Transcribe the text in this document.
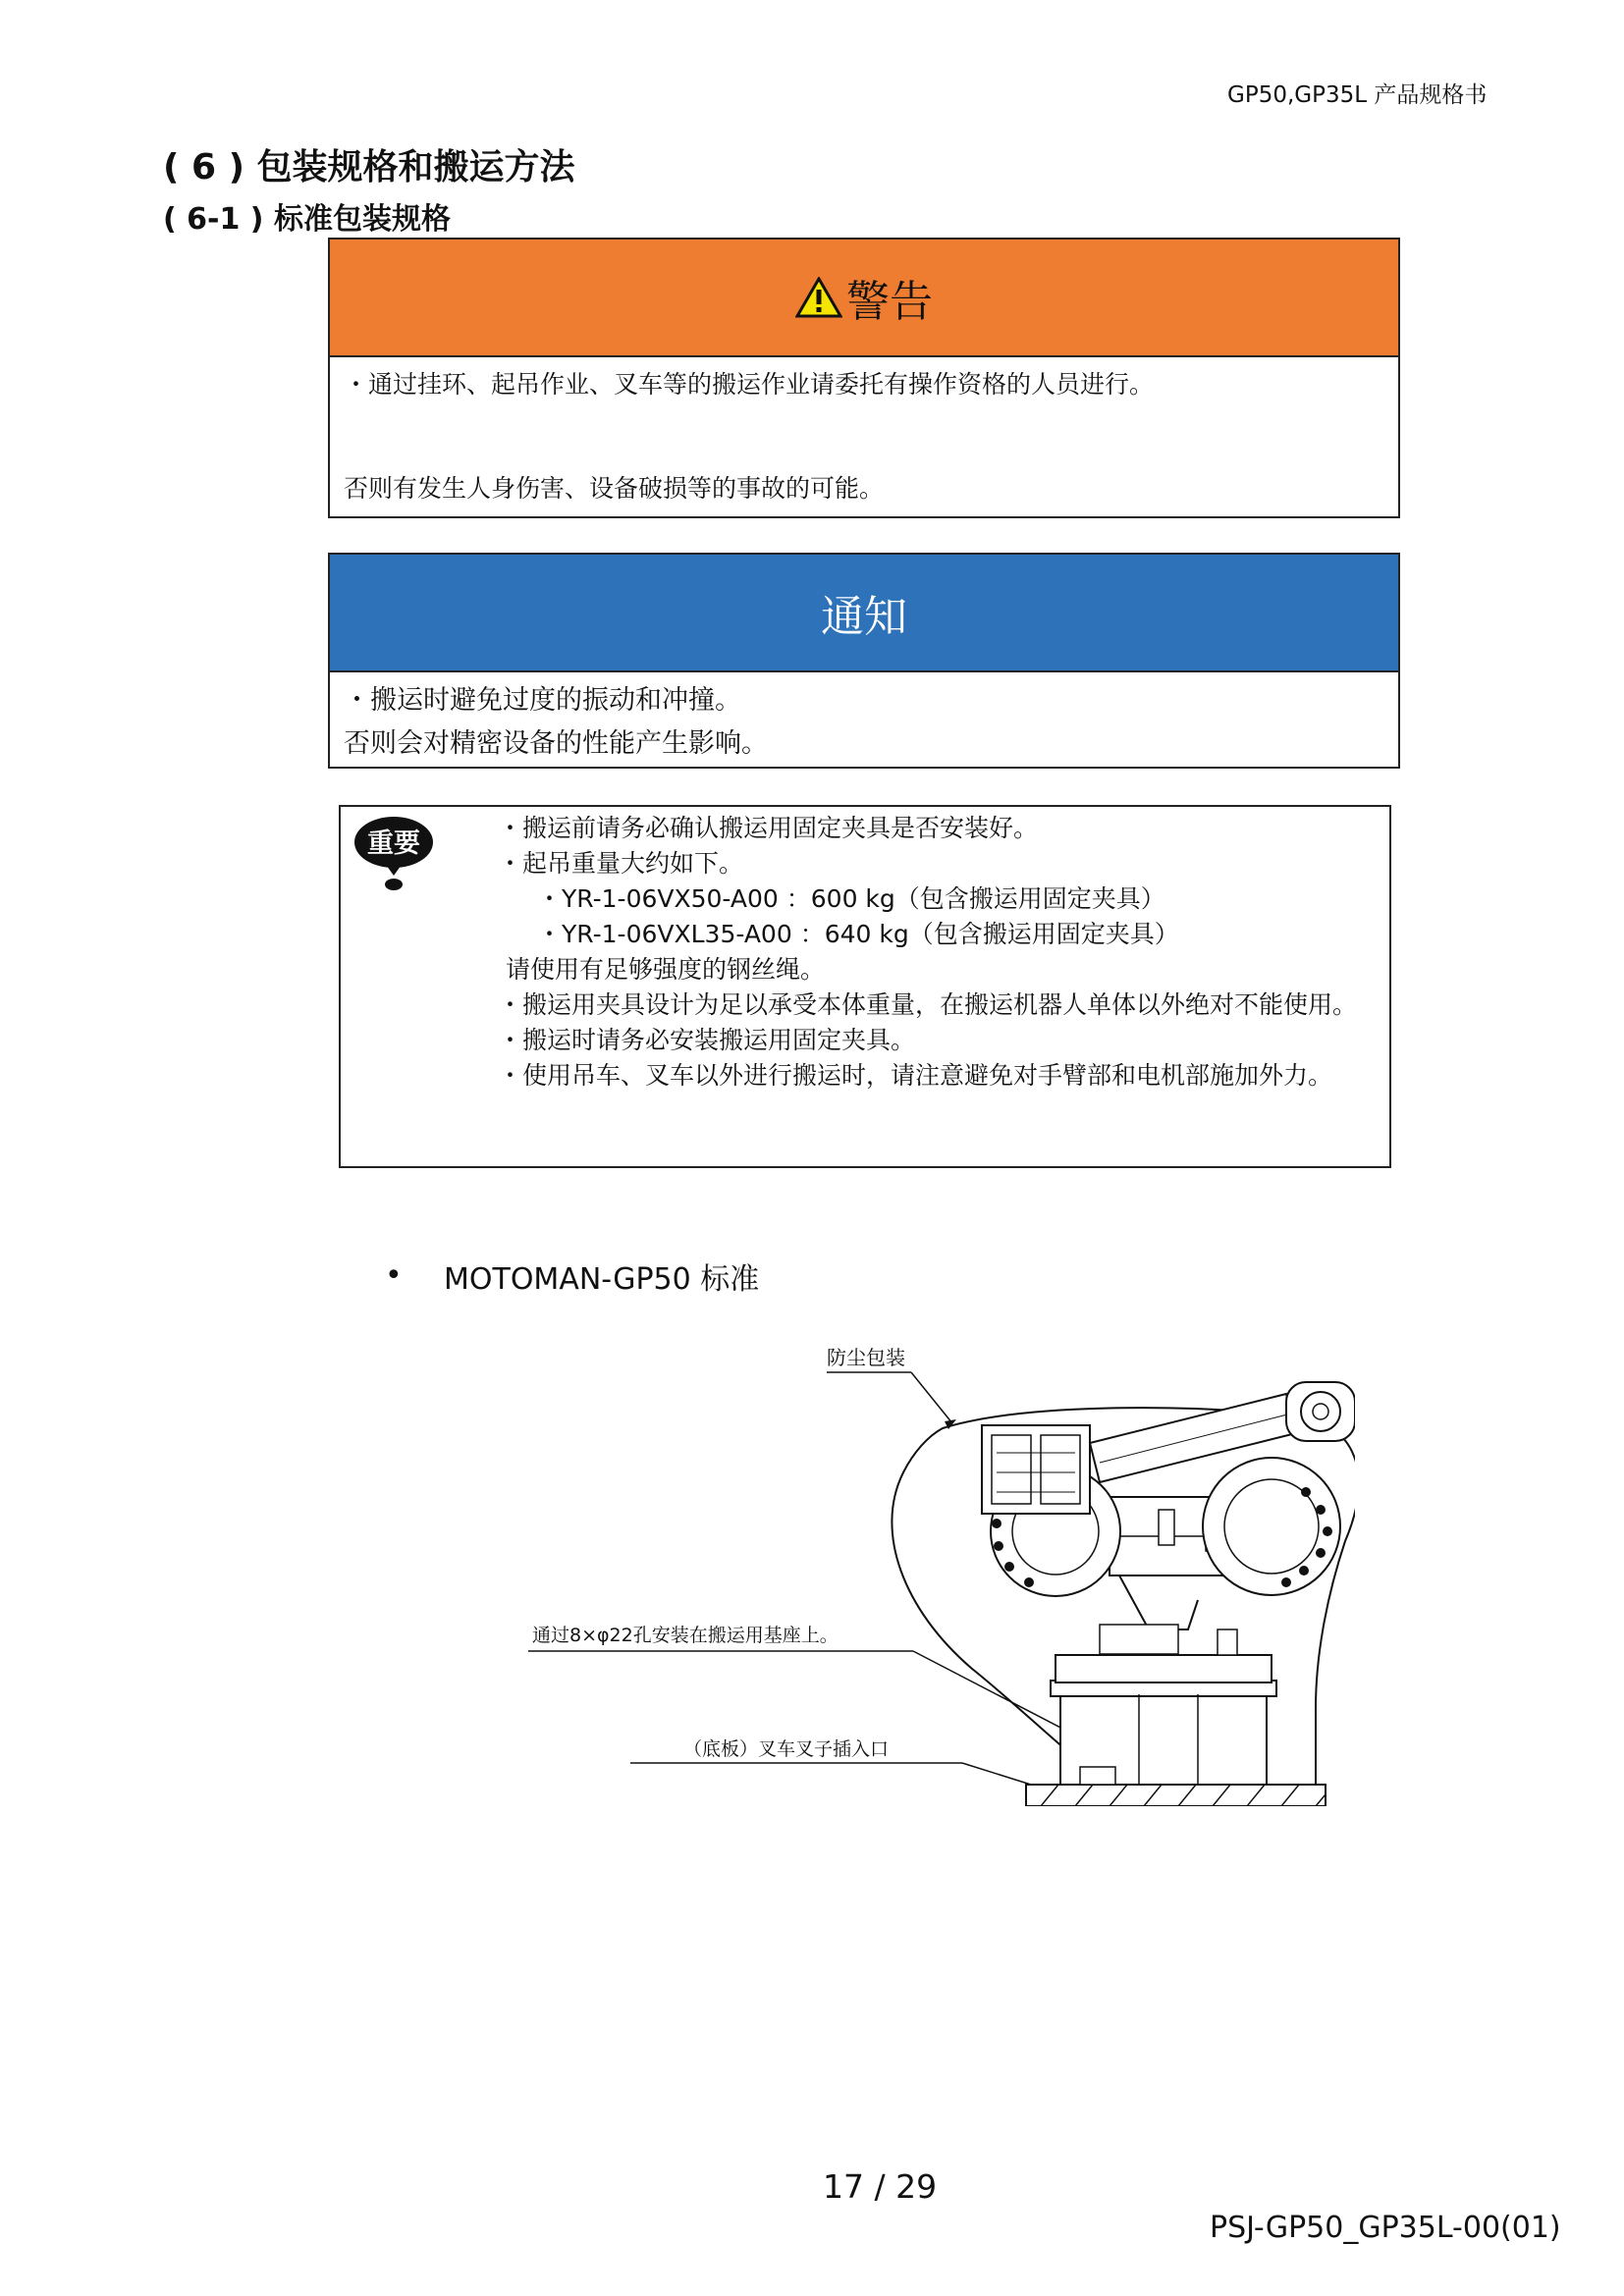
GP50,GP35L 产品规格书
( 6 ) 包装规格和搬运方法
( 6-1 ) 标准包装规格
警告
・通过挂环、起吊作业、叉车等的搬运作业请委托有操作资格的人员进行。
否则有发生人身伤害、设备破损等的事故的可能。
通知
・搬运时避免过度的振动和冲撞。
否则会对精密设备的性能产生影响。
重要
・搬运前请务必确认搬运用固定夹具是否安装好。
・起吊重量大约如下。
・YR-1-06VX50-A00 ：600 kg（包含搬运用固定夹具）
・YR-1-06VXL35-A00 ：640 kg（包含搬运用固定夹具）
请使用有足够强度的钢丝绳。
・搬运用夹具设计为足以承受本体重量，在搬运机器人单体以外绝对不能使用。
・搬运时请务必安装搬运用固定夹具。
・使用吊车、叉车以外进行搬运时，请注意避免对手臂部和电机部施加外力。
• MOTOMAN-GP50 标准
防尘包装
通过8×φ22孔安装在搬运用基座上。
（底板）叉车叉子插入口
17 / 29
PSJ-GP50_GP35L-00(01)
